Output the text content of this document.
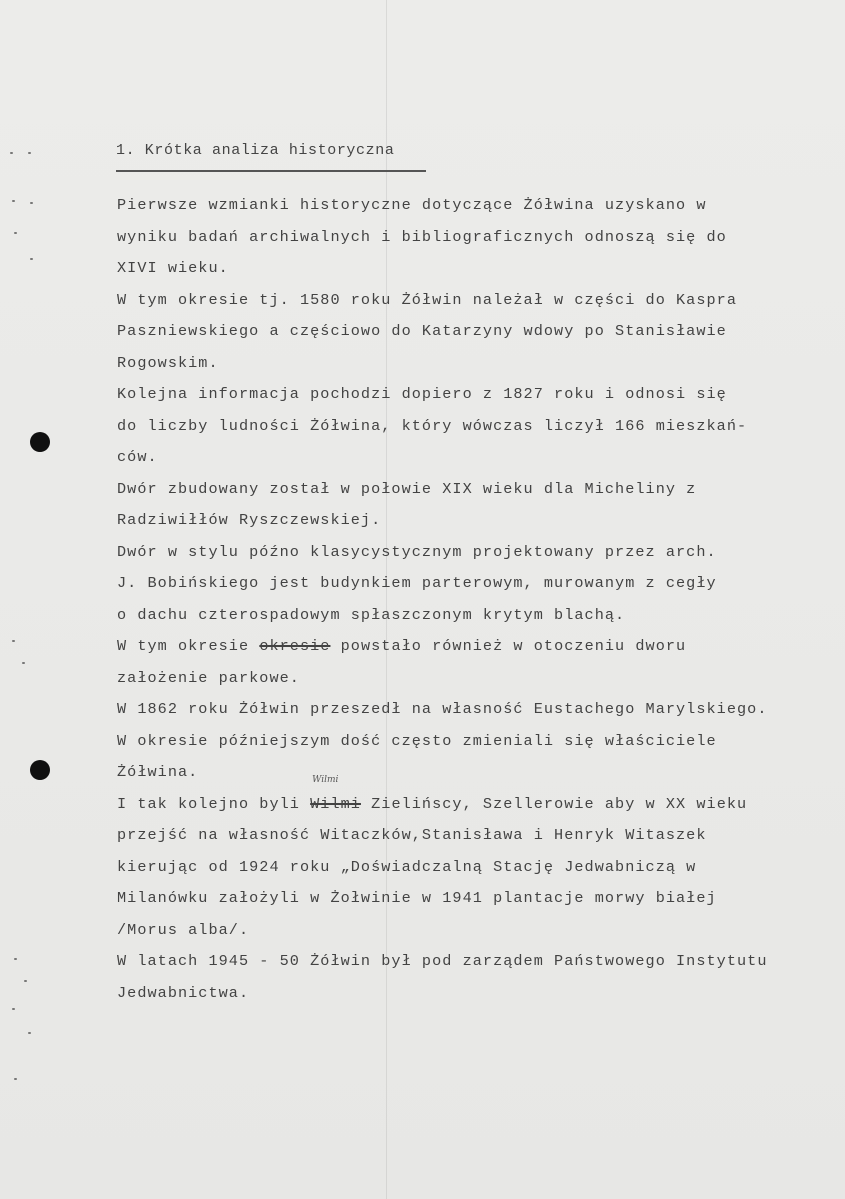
1. Krótka analiza historyczna
Pierwsze wzmianki historyczne dotyczące Żółwina uzyskano w
wyniku badań archiwalnych i bibliograficznych odnoszą się do
XIVI wieku.
W tym okresie tj. 1580 roku Żółwin należał w części do Kaspra
Paszniewskiego a częściowo do Katarzyny wdowy po Stanisławie
Rogowskim.
Kolejna informacja pochodzi dopiero z 1827 roku i odnosi się
do liczby ludności Żółwina, który wówczas liczył 166 mieszkań-
ców.
Dwór zbudowany został w połowie XIX wieku dla Micheliny z
Radziwiłłów Ryszczewskiej.
Dwór w stylu późno klasycystycznym projektowany przez arch.
J. Bobińskiego jest budynkiem parterowym, murowanym z cegły
o dachu czterospadowym spłaszczonym krytym blachą.
W tym okresie okresie powstało również w otoczeniu dworu
założenie parkowe.
W 1862 roku Żółwin przeszedł na własność Eustachego Marylskiego.
W okresie późniejszym dość często zmieniali się właściciele
Żółwina.
I tak kolejno byli
Wilmi
Wilmi Zielińscy, Szellerowie aby w XX wieku
przejść na własność Witaczków,Stanisława i Henryk Witaszek
kierując od 1924 roku „Doświadczalną Stację Jedwabniczą w
Milanówku założyli w Żołwinie w 1941 plantacje morwy białej
/Morus alba/.
W latach 1945 - 50 Żółwin był pod zarządem Państwowego Instytutu
Jedwabnictwa.
